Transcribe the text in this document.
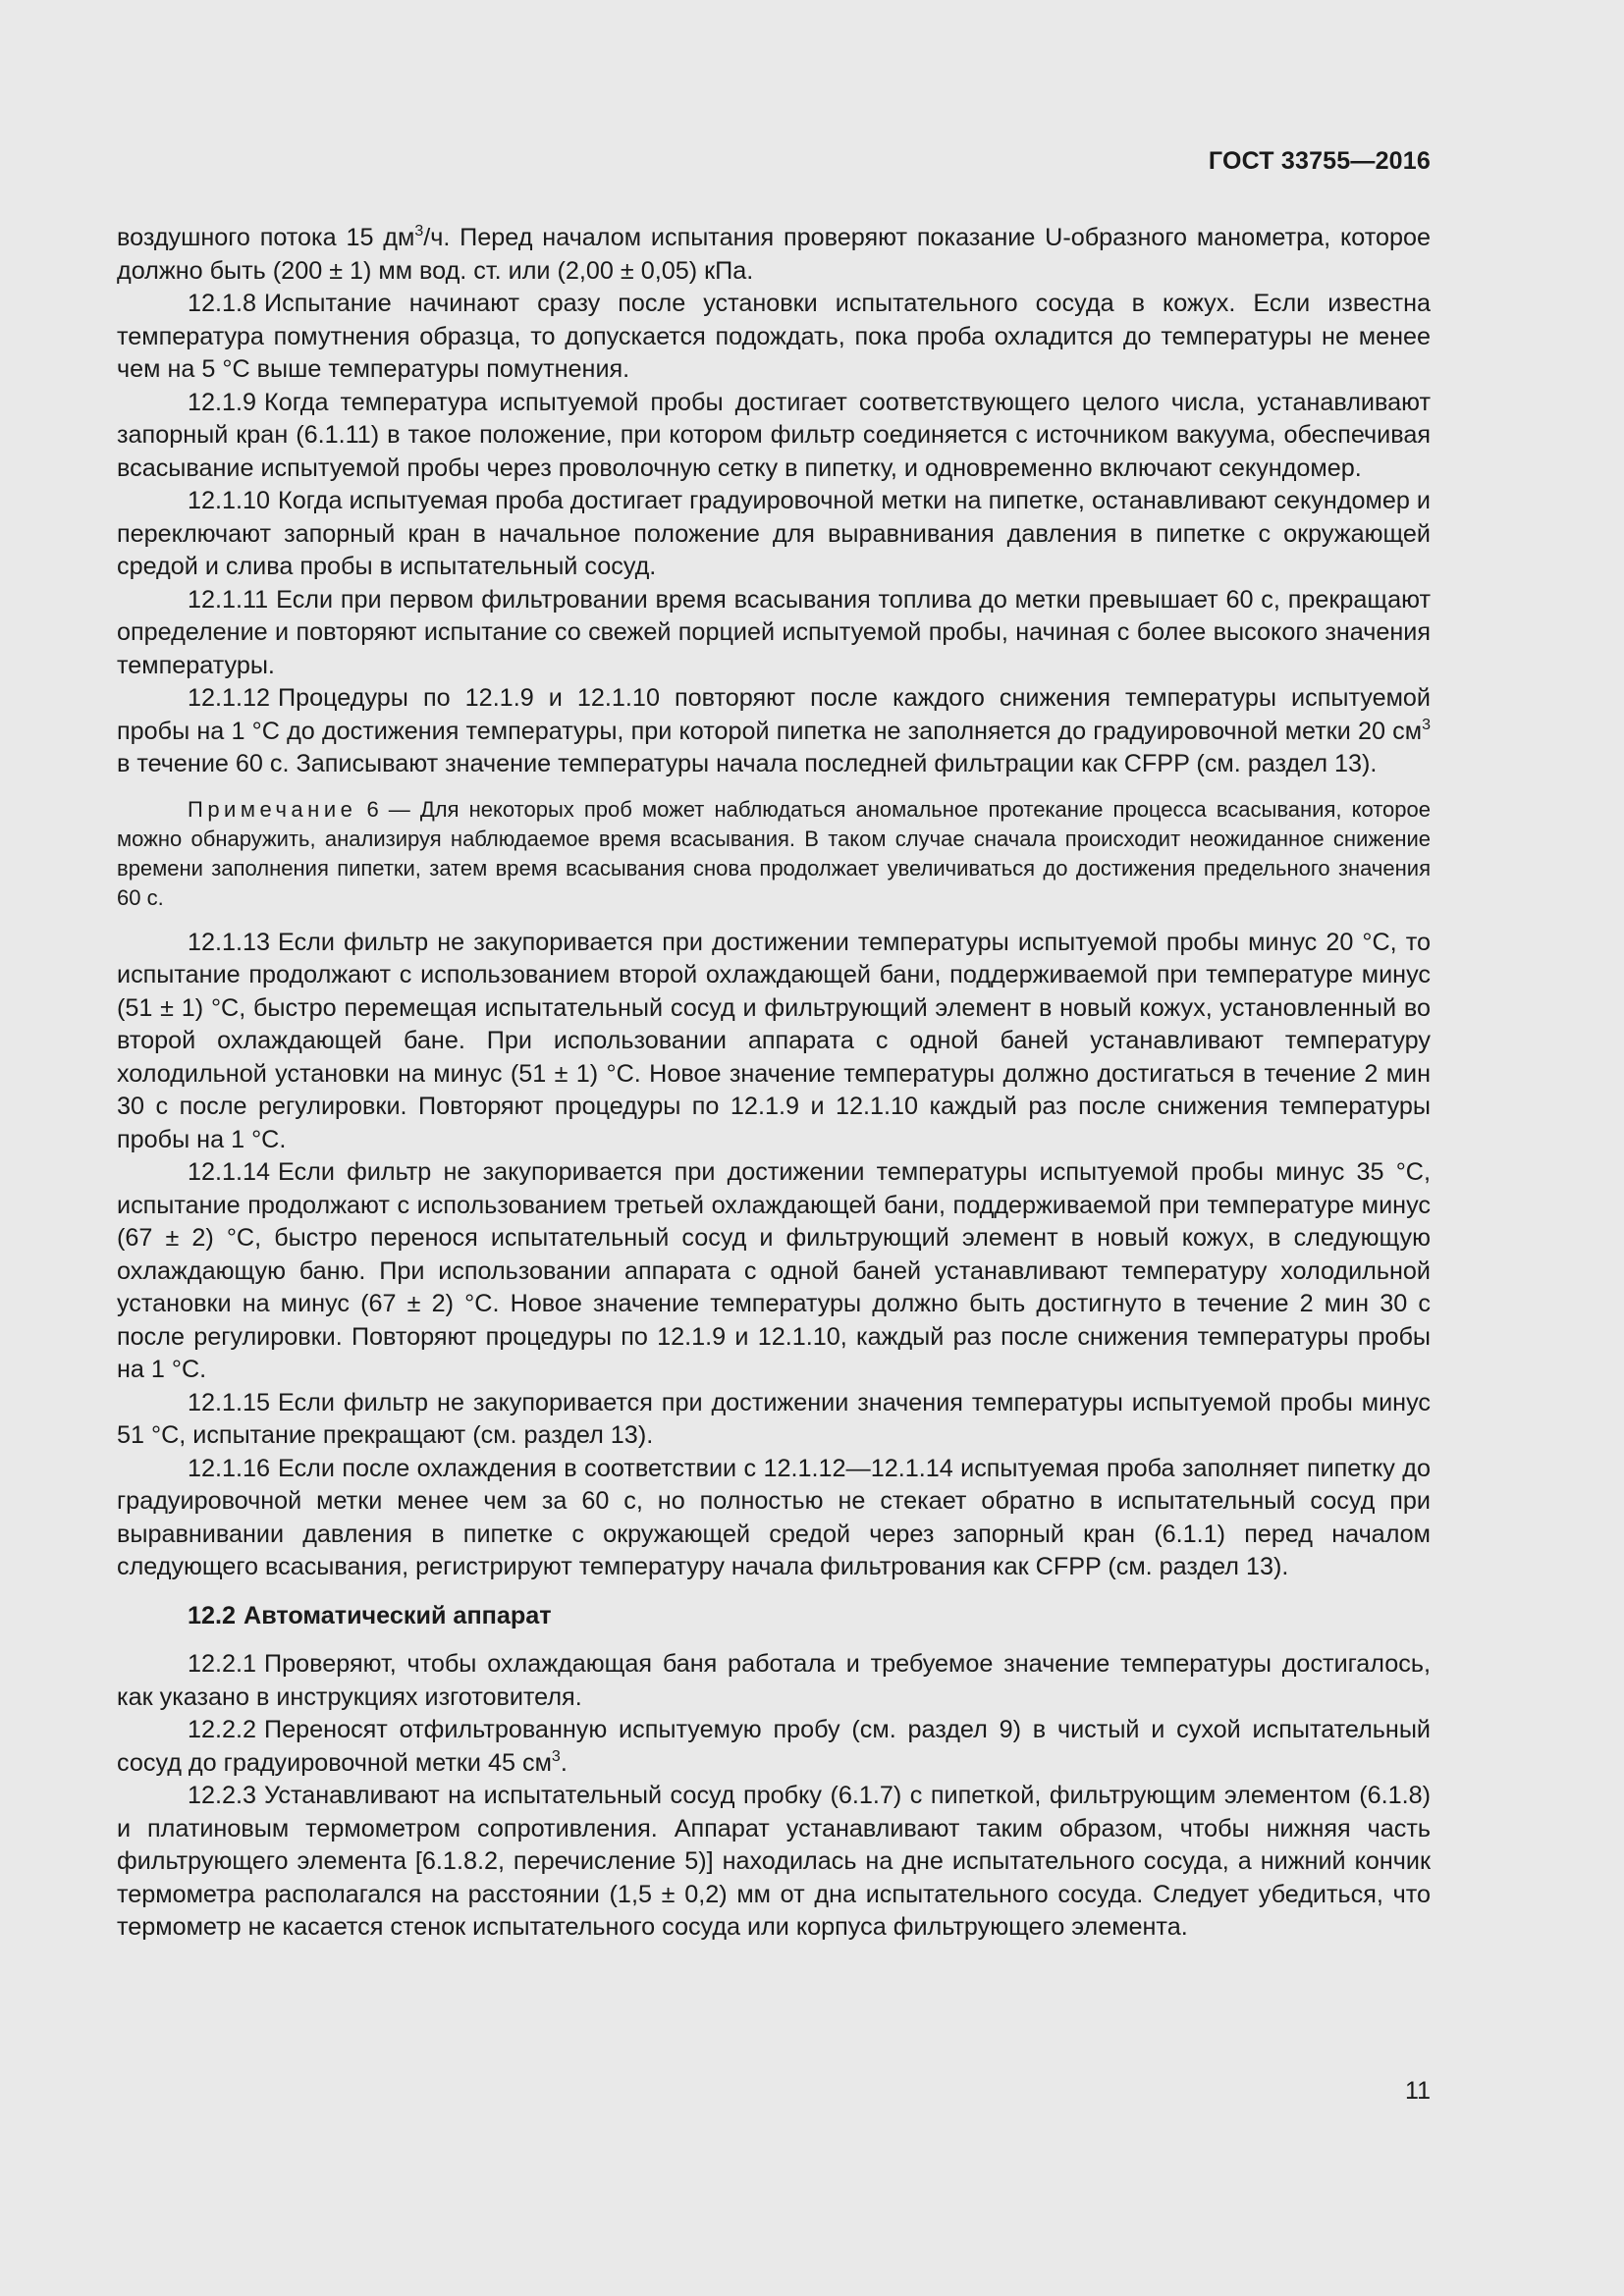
ГОСТ 33755—2016

воздушного потока 15 $дм^3/ч$. Перед началом испытания проверяют показание U-образного манометра, которое должно быть (200 ± 1) мм вод. ст. или (2,00 ± 0,05) кПа.

12.1.8 Испытание начинают сразу после установки испытательного сосуда в кожух. Если известна температура помутнения образца, то допускается подождать, пока проба охладится до температуры не менее чем на 5 °С выше температуры помутнения.

12.1.9 Когда температура испытуемой пробы достигает соответствующего целого числа, устанавливают запорный кран (6.1.11) в такое положение, при котором фильтр соединяется с источником вакуума, обеспечивая всасывание испытуемой пробы через проволочную сетку в пипетку, и одновременно включают секундомер.

12.1.10 Когда испытуемая проба достигает градуировочной метки на пипетке, останавливают секундомер и переключают запорный кран в начальное положение для выравнивания давления в пипетке с окружающей средой и слива пробы в испытательный сосуд.

12.1.11 Если при первом фильтровании время всасывания топлива до метки превышает 60 с, прекращают определение и повторяют испытание со свежей порцией испытуемой пробы, начиная с более высокого значения температуры.

12.1.12 Процедуры по 12.1.9 и 12.1.10 повторяют после каждого снижения температуры испытуемой пробы на 1 °С до достижения температуры, при которой пипетка не заполняется до градуировочной метки 20 $см^3$ в течение 60 с. Записывают значение температуры начала последней фильтрации как CFPP (см. раздел 13).

Примечание 6 — Для некоторых проб может наблюдаться аномальное протекание процесса всасывания, которое можно обнаружить, анализируя наблюдаемое время всасывания. В таком случае сначала происходит неожиданное снижение времени заполнения пипетки, затем время всасывания снова продолжает увеличиваться до достижения предельного значения 60 с.

12.1.13 Если фильтр не закупоривается при достижении температуры испытуемой пробы минус 20 °С, то испытание продолжают с использованием второй охлаждающей бани, поддерживаемой при температуре минус (51 ± 1) °С, быстро перемещая испытательный сосуд и фильтрующий элемент в новый кожух, установленный во второй охлаждающей бане. При использовании аппарата с одной баней устанавливают температуру холодильной установки на минус (51 ± 1) °С. Новое значение температуры должно достигаться в течение 2 мин 30 с после регулировки. Повторяют процедуры по 12.1.9 и 12.1.10 каждый раз после снижения температуры пробы на 1 °С.

12.1.14 Если фильтр не закупоривается при достижении температуры испытуемой пробы минус 35 °С, испытание продолжают с использованием третьей охлаждающей бани, поддерживаемой при температуре минус (67 ± 2) °С, быстро перенося испытательный сосуд и фильтрующий элемент в новый кожух, в следующую охлаждающую баню. При использовании аппарата с одной баней устанавливают температуру холодильной установки на минус (67 ± 2) °С. Новое значение температуры должно быть достигнуто в течение 2 мин 30 с после регулировки. Повторяют процедуры по 12.1.9 и 12.1.10, каждый раз после снижения температуры пробы на 1 °С.

12.1.15 Если фильтр не закупоривается при достижении значения температуры испытуемой пробы минус 51 °С, испытание прекращают (см. раздел 13).

12.1.16 Если после охлаждения в соответствии с 12.1.12—12.1.14 испытуемая проба заполняет пипетку до градуировочной метки менее чем за 60 с, но полностью не стекает обратно в испытательный сосуд при выравнивании давления в пипетке с окружающей средой через запорный кран (6.1.1) перед началом следующего всасывания, регистрируют температуру начала фильтрования как CFPP (см. раздел 13).

12.2 Автоматический аппарат

12.2.1 Проверяют, чтобы охлаждающая баня работала и требуемое значение температуры достигалось, как указано в инструкциях изготовителя.

12.2.2 Переносят отфильтрованную испытуемую пробу (см. раздел 9) в чистый и сухой испытательный сосуд до градуировочной метки 45 $см^3$.

12.2.3 Устанавливают на испытательный сосуд пробку (6.1.7) с пипеткой, фильтрующим элементом (6.1.8) и платиновым термометром сопротивления. Аппарат устанавливают таким образом, чтобы нижняя часть фильтрующего элемента [6.1.8.2, перечисление 5)] находилась на дне испытательного сосуда, а нижний кончик термометра располагался на расстоянии (1,5 ± 0,2) мм от дна испытательного сосуда. Следует убедиться, что термометр не касается стенок испытательного сосуда или корпуса фильтрующего элемента.

11
